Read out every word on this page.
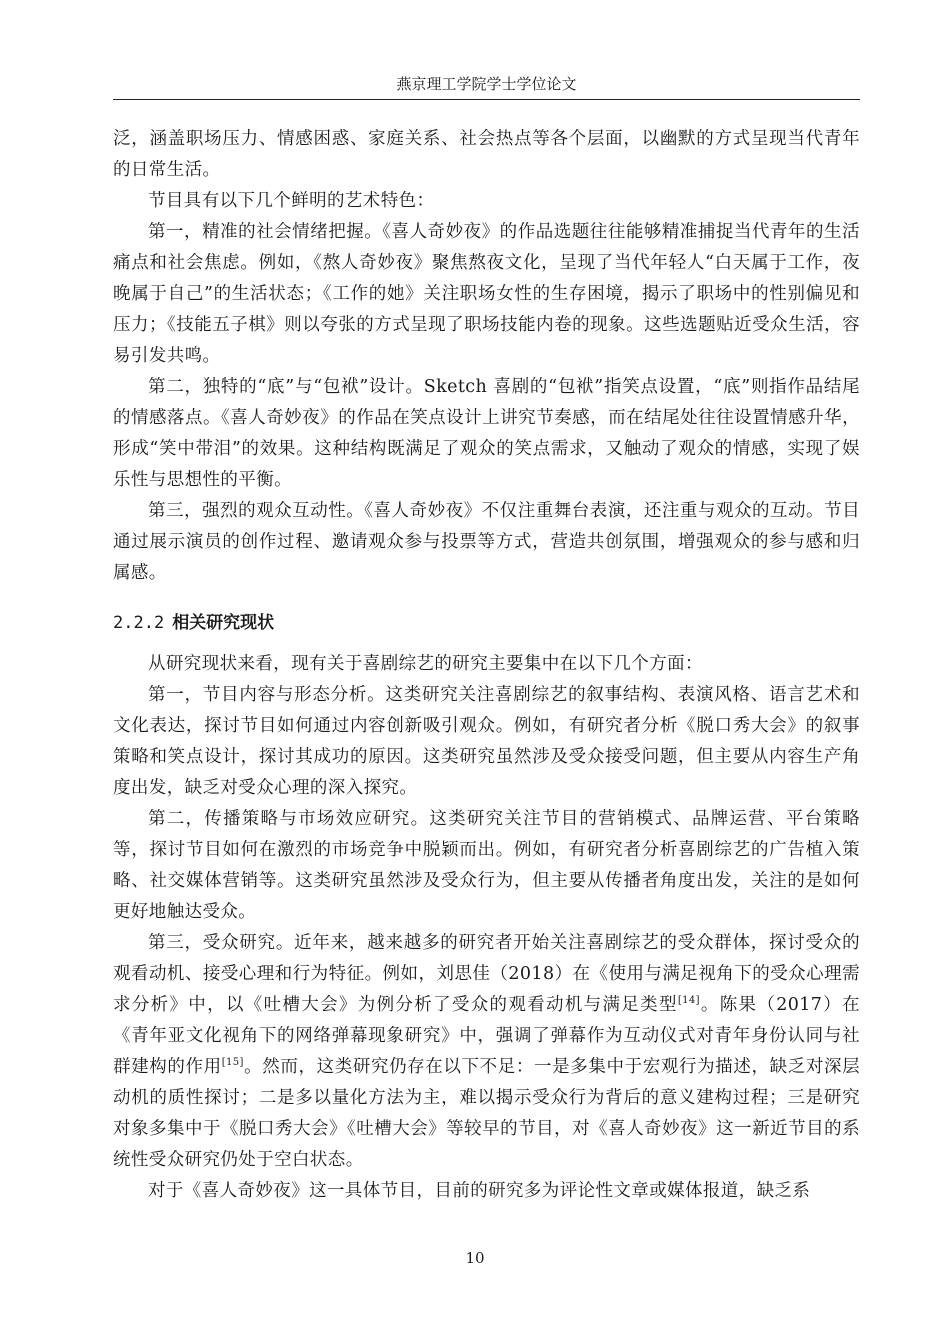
燕京理工学院学士学位论文

泛，涵盖职场压力、情感困惑、家庭关系、社会热点等各个层面，以幽默的方式呈现当代青年的日常生活。

节目具有以下几个鲜明的艺术特色：

第一，精准的社会情绪把握。《喜人奇妙夜》的作品选题往往能够精准捕捉当代青年的生活痛点和社会焦虑。例如，《熬人奇妙夜》聚焦熬夜文化，呈现了当代年轻人“白天属于工作，夜晚属于自己”的生活状态；《工作的她》关注职场女性的生存困境，揭示了职场中的性别偏见和压力；《技能五子棋》则以夸张的方式呈现了职场技能内卷的现象。这些选题贴近受众生活，容易引发共鸣。

第二，独特的“底”与“包袱”设计。Sketch 喜剧的“包袱”指笑点设置，“底”则指作品结尾的情感落点。《喜人奇妙夜》的作品在笑点设计上讲究节奏感，而在结尾处往往设置情感升华，形成“笑中带泪”的效果。这种结构既满足了观众的笑点需求，又触动了观众的情感，实现了娱乐性与思想性的平衡。

第三，强烈的观众互动性。《喜人奇妙夜》不仅注重舞台表演，还注重与观众的互动。节目通过展示演员的创作过程、邀请观众参与投票等方式，营造共创氛围，增强观众的参与感和归属感。

2.2.2 相关研究现状

从研究现状来看，现有关于喜剧综艺的研究主要集中在以下几个方面：

第一，节目内容与形态分析。这类研究关注喜剧综艺的叙事结构、表演风格、语言艺术和文化表达，探讨节目如何通过内容创新吸引观众。例如，有研究者分析《脱口秀大会》的叙事策略和笑点设计，探讨其成功的原因。这类研究虽然涉及受众接受问题，但主要从内容生产角度出发，缺乏对受众心理的深入探究。

第二，传播策略与市场效应研究。这类研究关注节目的营销模式、品牌运营、平台策略等，探讨节目如何在激烈的市场竞争中脱颖而出。例如，有研究者分析喜剧综艺的广告植入策略、社交媒体营销等。这类研究虽然涉及受众行为，但主要从传播者角度出发，关注的是如何更好地触达受众。

第三，受众研究。近年来，越来越多的研究者开始关注喜剧综艺的受众群体，探讨受众的观看动机、接受心理和行为特征。例如，刘思佳（2018）在《使用与满足视角下的受众心理需求分析》中，以《吐槽大会》为例分析了受众的观看动机与满足类型[14]。陈果（2017）在《青年亚文化视角下的网络弹幕现象研究》中，强调了弹幕作为互动仪式对青年身份认同与社群建构的作用[15]。然而，这类研究仍存在以下不足：一是多集中于宏观行为描述，缺乏对深层动机的质性探讨；二是多以量化方法为主，难以揭示受众行为背后的意义建构过程；三是研究对象多集中于《脱口秀大会》《吐槽大会》等较早的节目，对《喜人奇妙夜》这一新近节目的系统性受众研究仍处于空白状态。

对于《喜人奇妙夜》这一具体节目，目前的研究多为评论性文章或媒体报道，缺乏系

10
